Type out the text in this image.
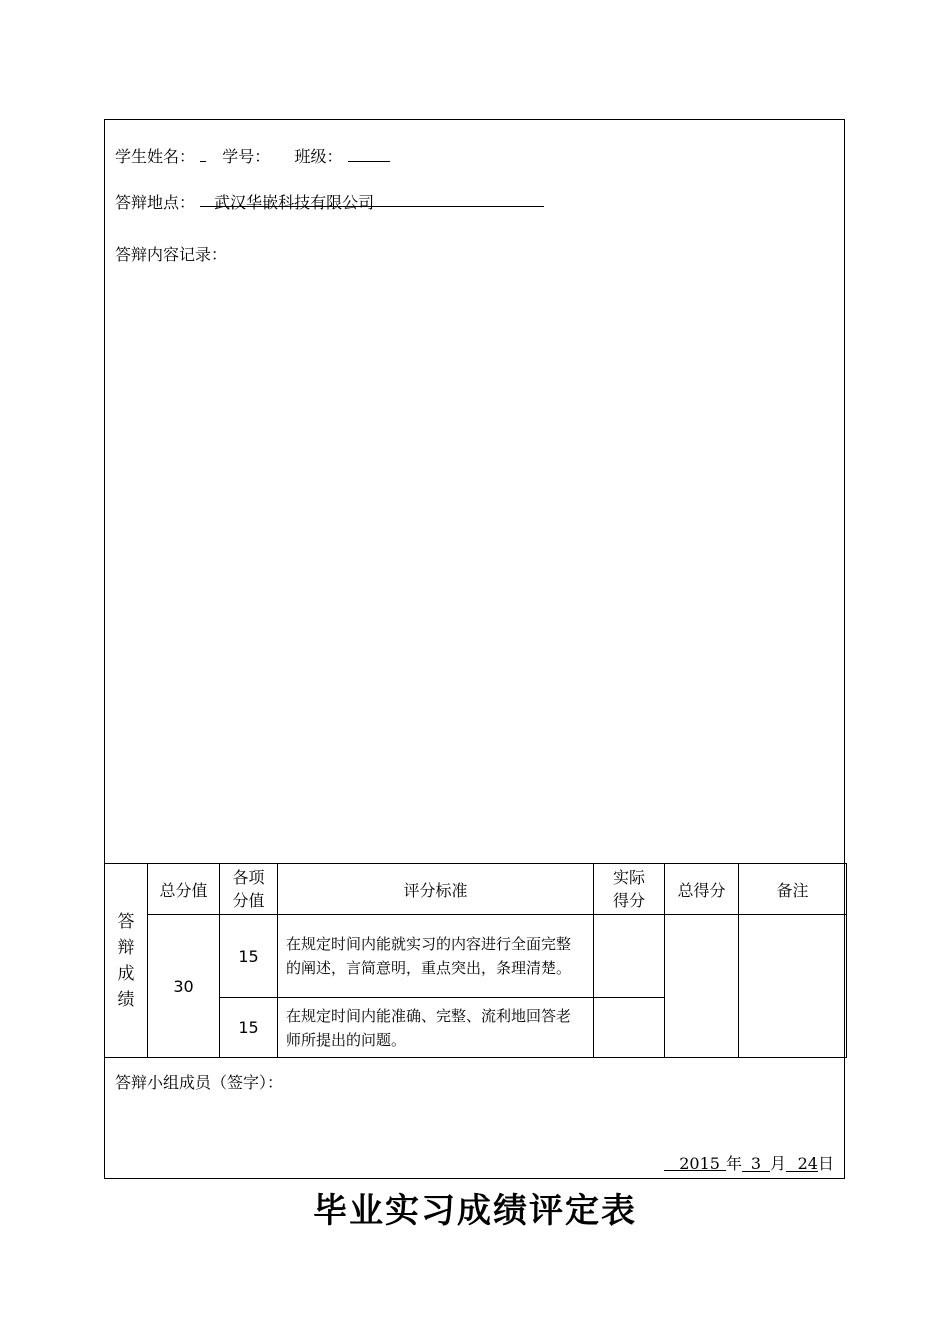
学生姓名： 学号： 班级：
答辩地点： 武汉华嵌科技有限公司
答辩内容记录：
答辩成绩	总分值	各项分值	评分标准	实际得分	总得分	备注
	30	15	在规定时间内能就实习的内容进行全面完整的阐述，言简意明，重点突出，条理清楚。			
		15	在规定时间内能准确、完整、流利地回答老师所提出的问题。			
答辩小组成员（签字）：
2015 年 3 月 24日
毕业实习成绩评定表
